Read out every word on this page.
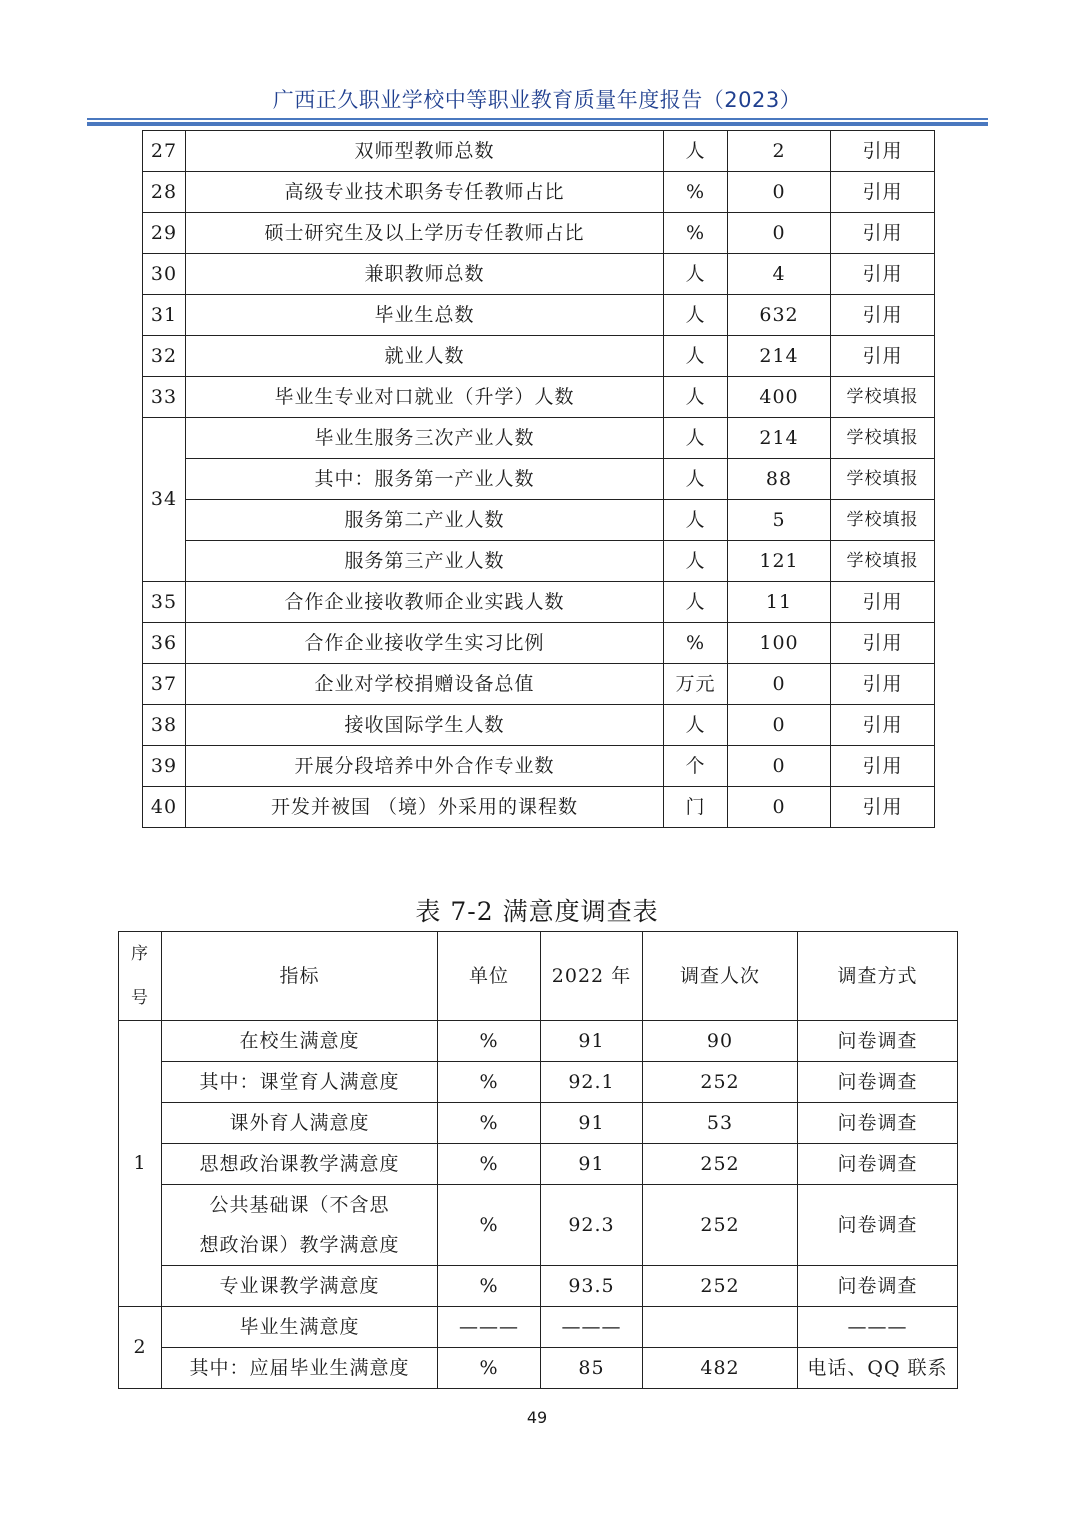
广西正久职业学校中等职业教育质量年度报告（2023）
27	双师型教师总数	人	2	引用
28	高级专业技术职务专任教师占比	%	0	引用
29	硕士研究生及以上学历专任教师占比	%	0	引用
30	兼职教师总数	人	4	引用
31	毕业生总数	人	632	引用
32	就业人数	人	214	引用
33	毕业生专业对口就业（升学）人数	人	400	学校填报
34	毕业生服务三次产业人数	人	214	学校填报
	其中：服务第一产业人数	人	88	学校填报
	服务第二产业人数	人	5	学校填报
	服务第三产业人数	人	121	学校填报
35	合作企业接收教师企业实践人数	人	11	引用
36	合作企业接收学生实习比例	%	100	引用
37	企业对学校捐赠设备总值	万元	0	引用
38	接收国际学生人数	人	0	引用
39	开展分段培养中外合作专业数	个	0	引用
40	开发并被国 （境）外采用的课程数	门	0	引用
表 7-2 满意度调查表
序
号	指标	单位	2022 年	调查人次	调查方式
1	在校生满意度	%	91	90	问卷调查
	其中：课堂育人满意度	%	92.1	252	问卷调查
	课外育人满意度	%	91	53	问卷调查
	思想政治课教学满意度	%	91	252	问卷调查
	公共基础课（不含思
想政治课）教学满意度	%	92.3	252	问卷调查
	专业课教学满意度	%	93.5	252	问卷调查
2	毕业生满意度	———	———		———
	其中：应届毕业生满意度	%	85	482	电话、QQ 联系
49
